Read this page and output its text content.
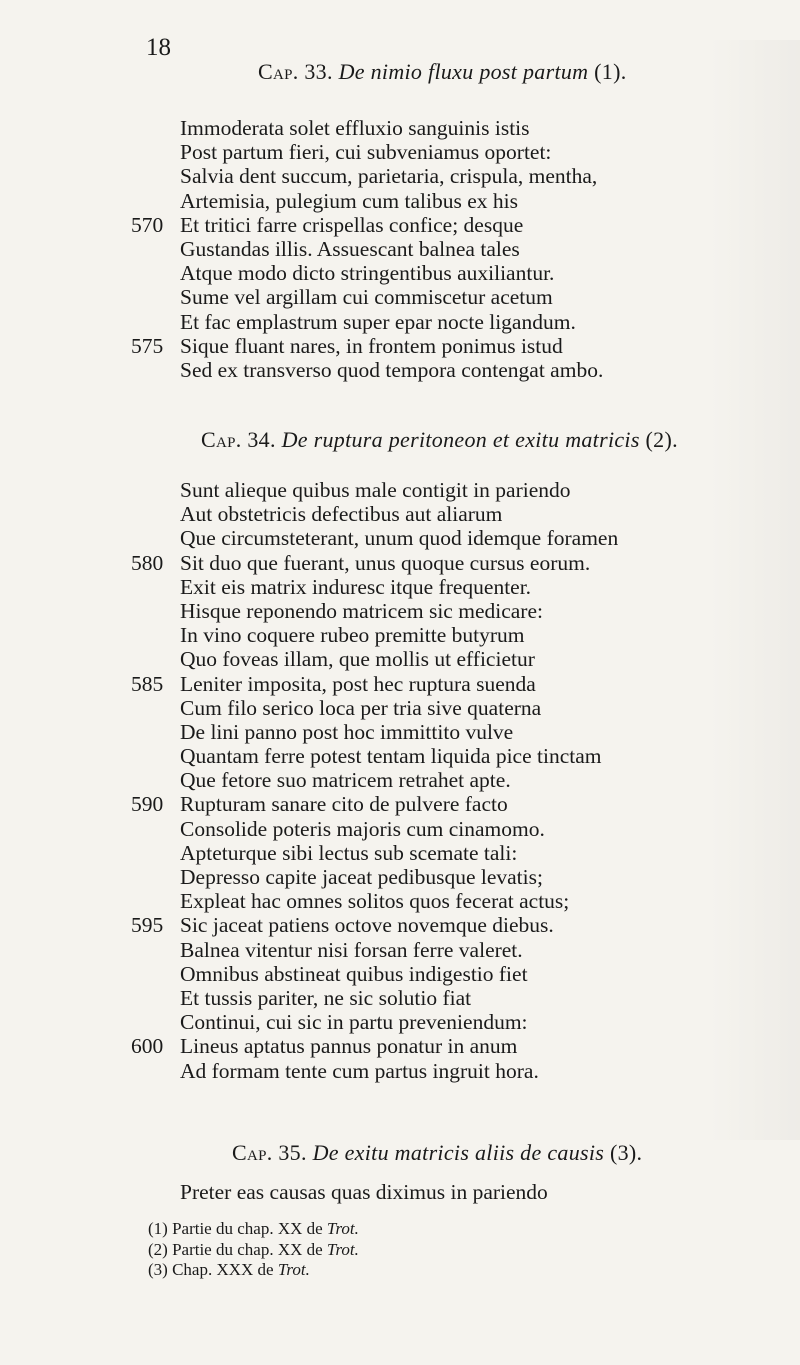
18
Cap. 33. De nimio fluxu post partum (1).
Immoderata solet effluxio sanguinis istis
Post partum fieri, cui subveniamus oportet:
Salvia dent succum, parietaria, crispula, mentha,
Artemisia, pulegium cum talibus ex his
570 Et tritici farre crispellas confice; desque
Gustandas illis. Assuescant balnea tales
Atque modo dicto stringentibus auxiliantur.
Sume vel argillam cui commiscetur acetum
Et fac emplastrum super epar nocte ligandum.
575 Sique fluant nares, in frontem ponimus istud
Sed ex transverso quod tempora contengat ambo.
Cap. 34. De ruptura peritoneon et exitu matricis (2).
Sunt alieque quibus male contigit in pariendo
Aut obstetricis defectibus aut aliarum
Que circumsteterant, unum quod idemque foramen
580 Sit duo que fuerant, unus quoque cursus eorum.
Exit eis matrix induresc itque frequenter.
Hisque reponendo matricem sic medicare:
In vino coquere rubeo premitte butyrum
Quo foveas illam, que mollis ut efficietur
585 Leniter imposita, post hec ruptura suenda
Cum filo serico loca per tria sive quaterna
De lini panno post hoc immittito vulve
Quantam ferre potest tentam liquida pice tinctam
Que fetore suo matricem retrahet apte.
590 Rupturam sanare cito de pulvere facto
Consolide poteris majoris cum cinamomo.
Apteturque sibi lectus sub scemate tali:
Depresso capite jaceat pedibusque levatis;
Expleat hac omnes solitos quos fecerat actus;
595 Sic jaceat patiens octove novemque diebus.
Balnea vitentur nisi forsan ferre valeret.
Omnibus abstineat quibus indigestio fiet
Et tussis pariter, ne sic solutio fiat
Continui, cui sic in partu preveniendum:
600 Lineus aptatus pannus ponatur in anum
Ad formam tente cum partus ingruit hora.
Cap. 35. De exitu matricis aliis de causis (3).
Preter eas causas quas diximus in pariendo
(1) Partie du chap. XX de Trot.
(2) Partie du chap. XX de Trot.
(3) Chap. XXX de Trot.
